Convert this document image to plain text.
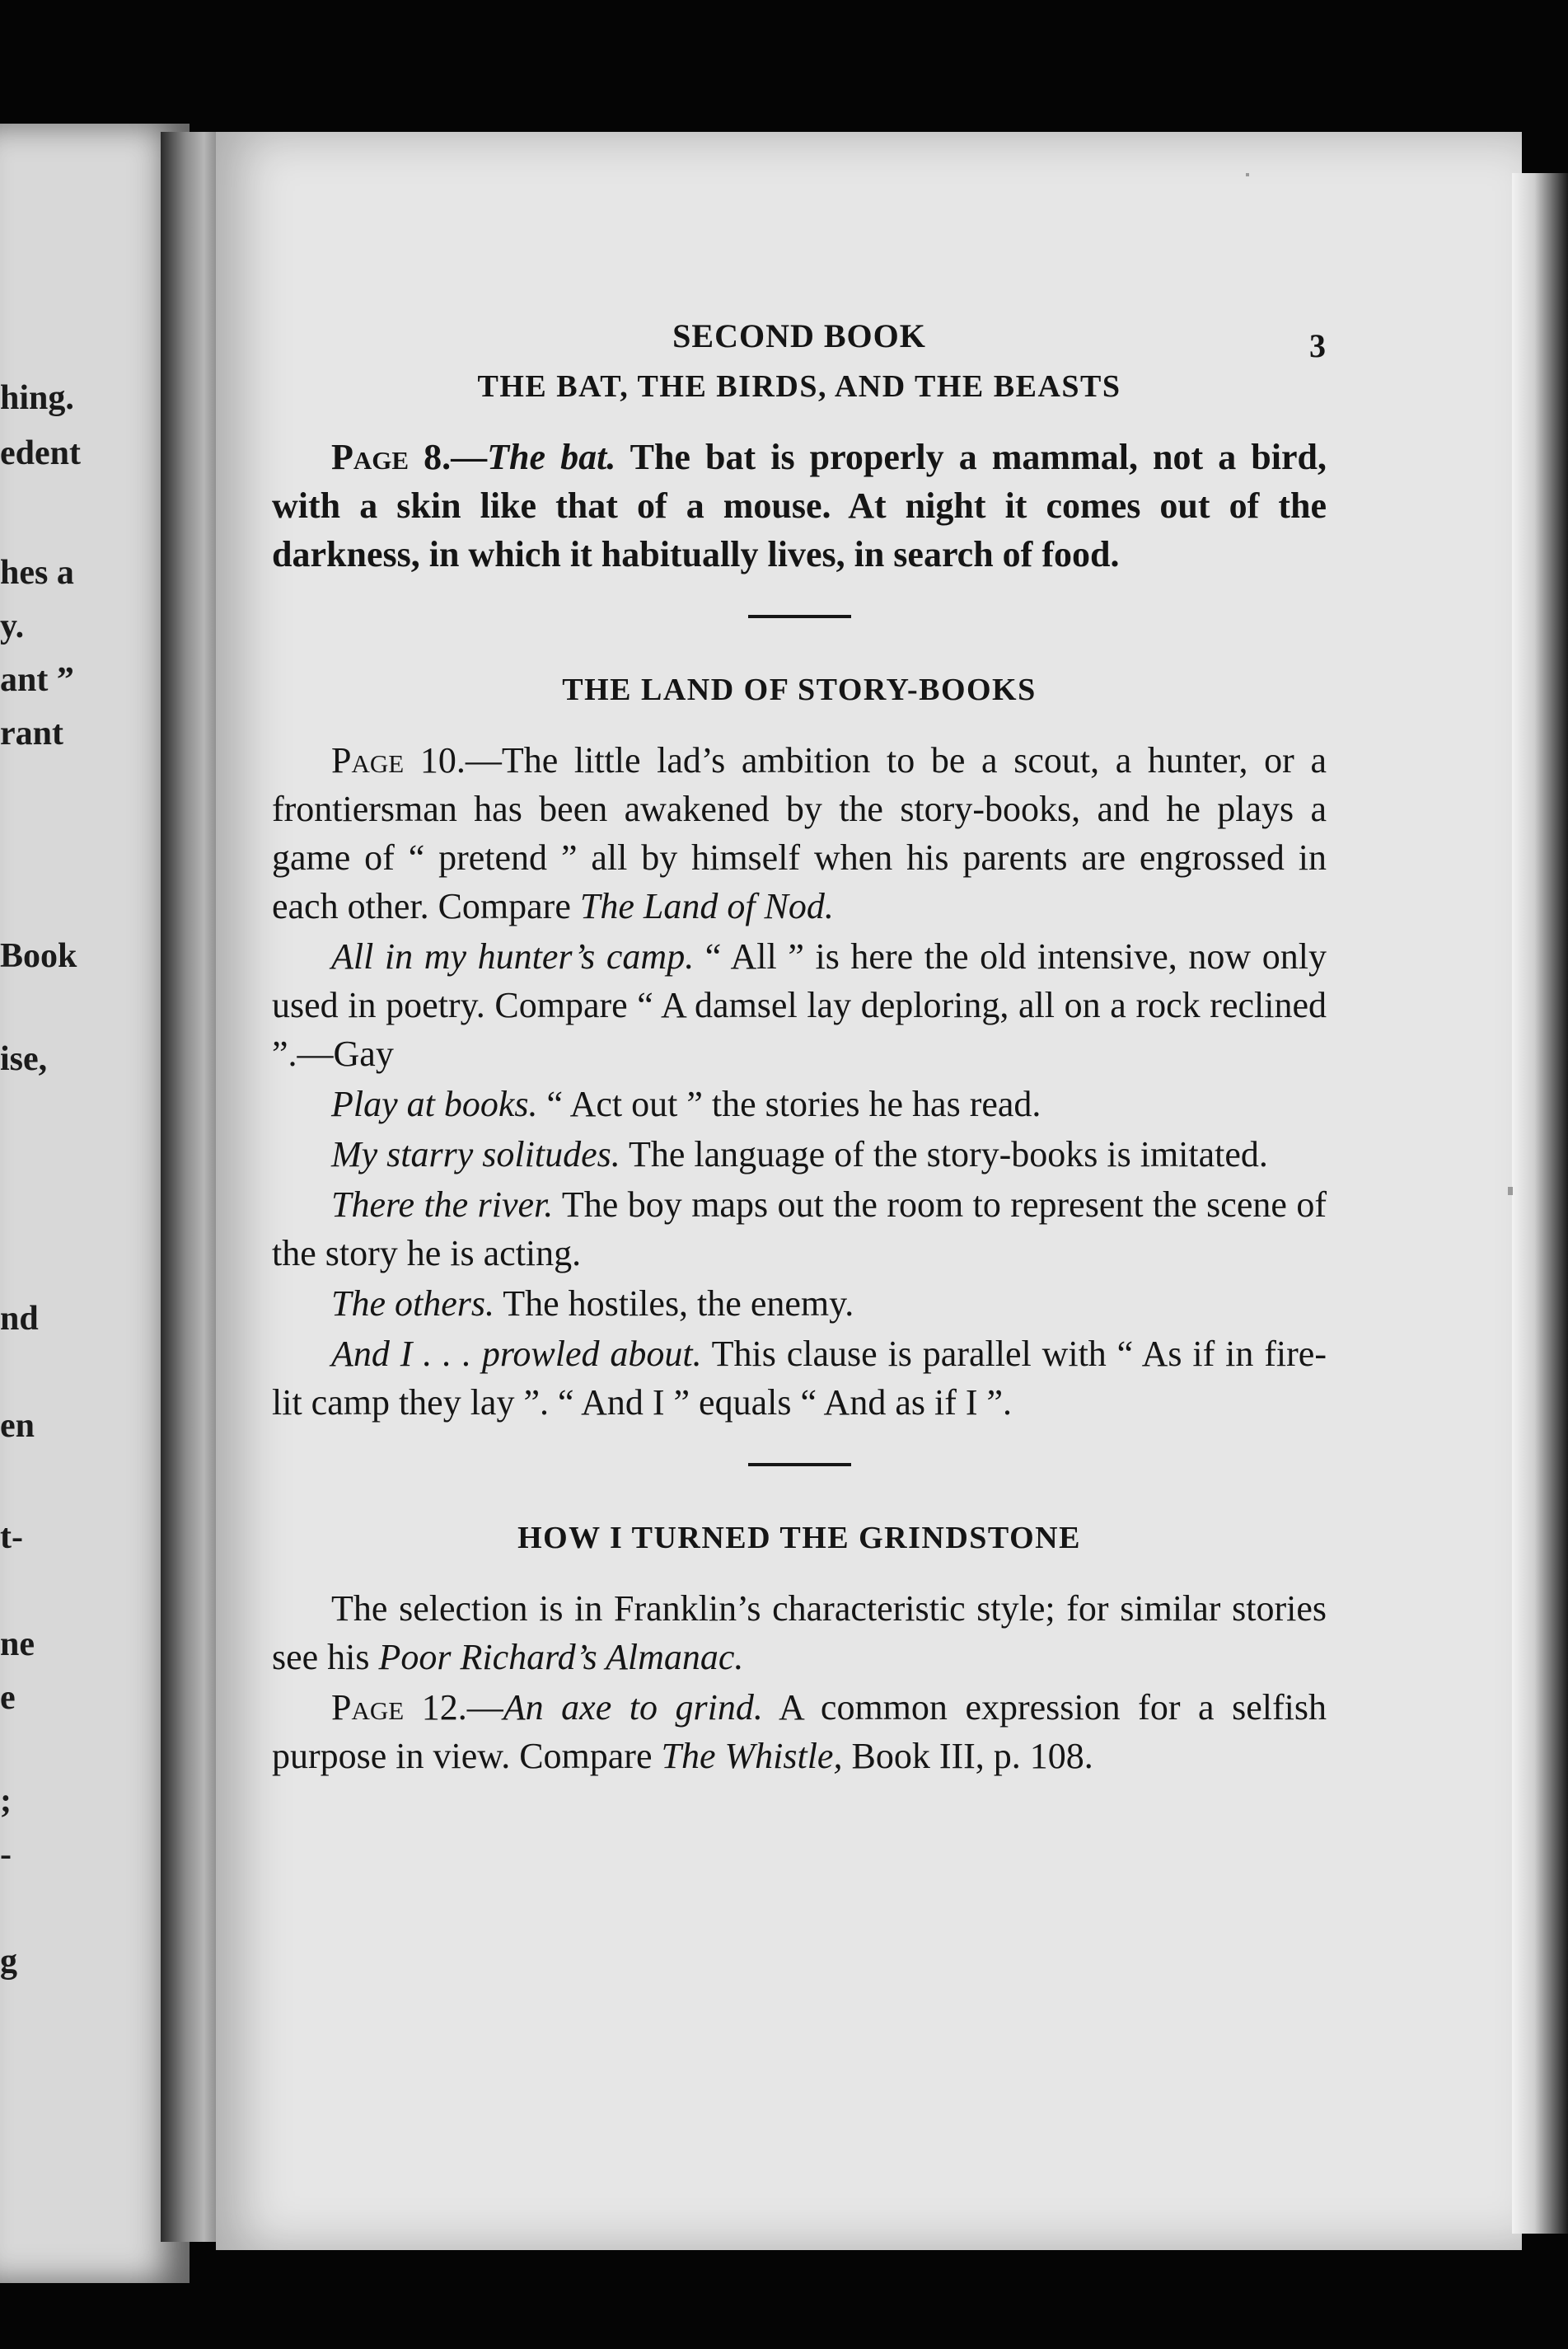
hing.
edent
hes a
y.
ant ”
rant
Book
ise,
nd
en
t-
ne
e
;
-
g
SECOND BOOK	3
THE BAT, THE BIRDS, AND THE BEASTS

Page 8.—The bat. The bat is properly a mammal, not a bird, with a skin like that of a mouse. At night it comes out of the darkness, in which it habitually lives, in search of food.

THE LAND OF STORY-BOOKS

Page 10.—The little lad’s ambition to be a scout, a hunter, or a frontiersman has been awakened by the story-books, and he plays a game of “ pretend ” all by himself when his parents are engrossed in each other. Compare The Land of Nod.

All in my hunter’s camp. “ All ” is here the old intensive, now only used in poetry. Compare “ A damsel lay deploring, all on a rock reclined ”.—Gay

Play at books. “ Act out ” the stories he has read.

My starry solitudes. The language of the story-books is imitated.

There the river. The boy maps out the room to represent the scene of the story he is acting.

The others. The hostiles, the enemy.

And I . . . prowled about. This clause is parallel with “ As if in fire-lit camp they lay ”. “ And I ” equals “ And as if I ”.

HOW I TURNED THE GRINDSTONE

The selection is in Franklin’s characteristic style; for similar stories see his Poor Richard’s Almanac.

Page 12.—An axe to grind. A common expression for a selfish purpose in view. Compare The Whistle, Book III, p. 108.
